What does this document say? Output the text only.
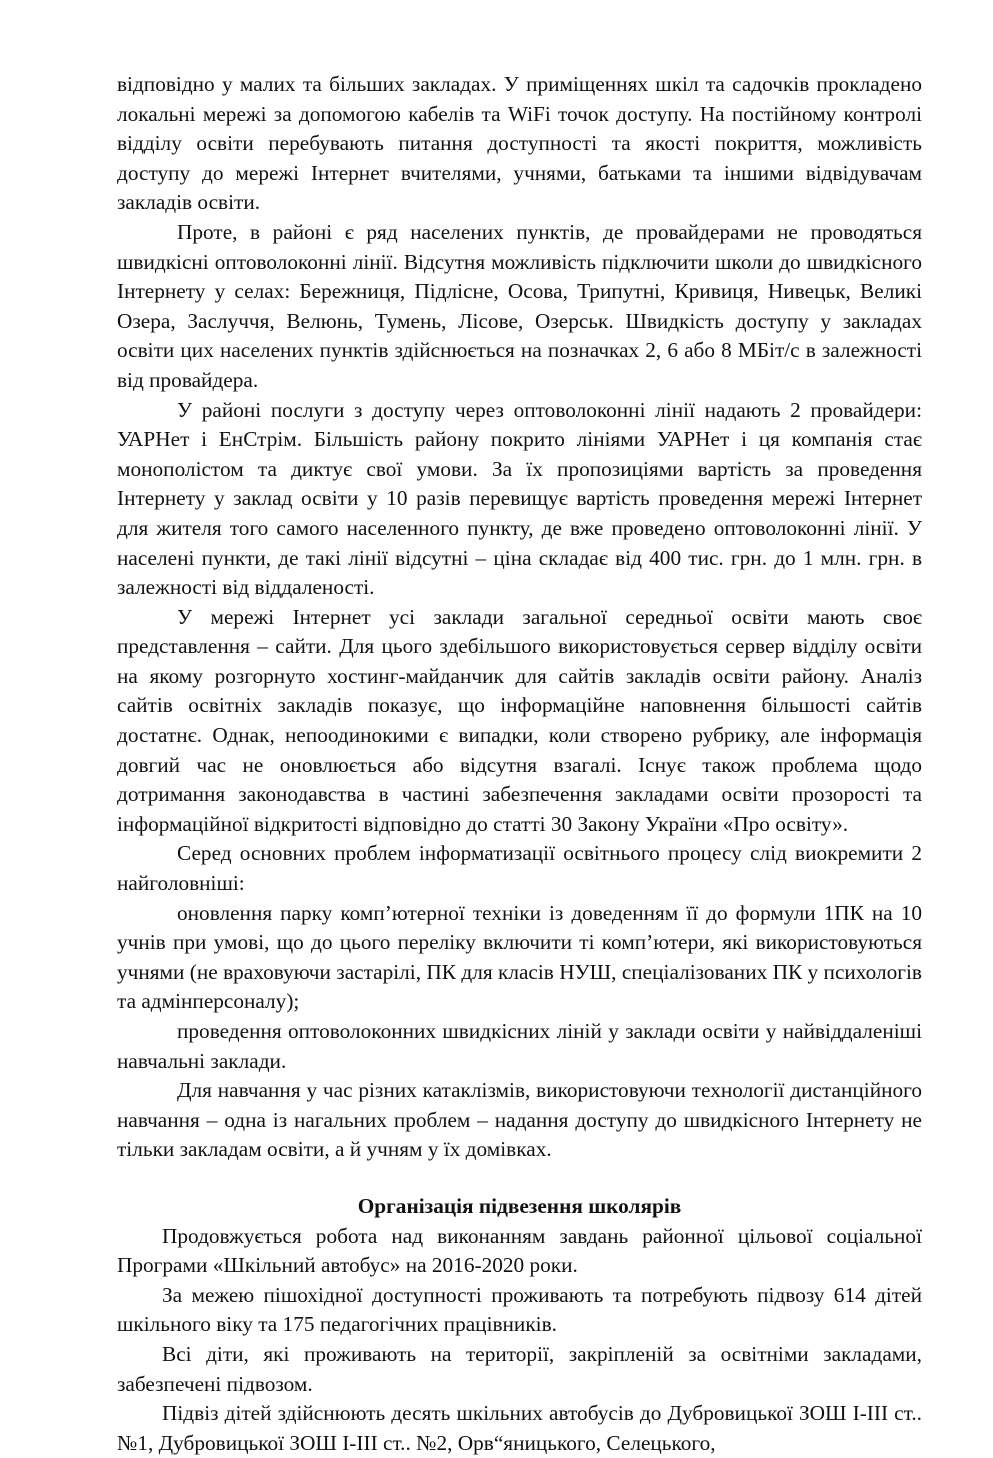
відповідно у малих та більших закладах. У приміщеннях шкіл та садочків прокладено локальні мережі за допомогою кабелів та WiFi точок доступу. На постійному контролі відділу освіти перебувають питання доступності та якості покриття, можливість доступу до мережі Інтернет вчителями, учнями, батьками та іншими відвідувачам закладів освіти.

Проте, в районі є ряд населених пунктів, де провайдерами не проводяться швидкісні оптоволоконні лінії. Відсутня можливість підключити школи до швидкісного Інтернету у селах: Бережниця, Підлісне, Осова, Трипутні, Кривиця, Нивецьк, Великі Озера, Заслуччя, Велюнь, Тумень, Лісове, Озерськ. Швидкість доступу у закладах освіти цих населених пунктів здійснюється на позначках 2, 6 або 8 МБіт/с в залежності від провайдера.

У районі послуги з доступу через оптоволоконні лінії надають 2 провайдери: УАРНет і ЕнСтрім. Більшість району покрито лініями УАРНет і ця компанія стає монополістом та диктує свої умови. За їх пропозиціями вартість за проведення Інтернету у заклад освіти у 10 разів перевищує вартість проведення мережі Інтернет для жителя того самого населенного пункту, де вже проведено оптоволоконні лінії. У населені пункти, де такі лінії відсутні – ціна складає від 400 тис. грн. до 1 млн. грн. в залежності від віддаленості.

У мережі Інтернет усі заклади загальної середньої освіти мають своє представлення – сайти. Для цього здебільшого використовується сервер відділу освіти на якому розгорнуто хостинг-майданчик для сайтів закладів освіти району. Аналіз сайтів освітніх закладів показує, що інформаційне наповнення більшості сайтів достатнє. Однак, непоодинокими є випадки, коли створено рубрику, але інформація довгий час не оновлюється або відсутня взагалі. Існує також проблема щодо дотримання законодавства в частині забезпечення закладами освіти прозорості та інформаційної відкритості відповідно до статті 30 Закону України «Про освіту».

Серед основних проблем інформатизації освітнього процесу слід виокремити 2 найголовніші:

оновлення парку комп’ютерної техніки із доведенням її до формули 1ПК на 10 учнів при умові, що до цього переліку включити ті комп’ютери, які використовуються учнями (не враховуючи застарілі, ПК для класів НУШ, спеціалізованих ПК у психологів та адмінперсоналу);

проведення оптоволоконних швидкісних ліній у заклади освіти у найвіддаленіші навчальні заклади.

Для навчання у час різних катаклізмів, використовуючи технології дистанційного навчання – одна із нагальних проблем – надання доступу до швидкісного Інтернету не тільки закладам освіти, а й учням у їх домівках.

Організація підвезення школярів

Продовжується робота над виконанням завдань районної цільової соціальної Програми «Шкільний автобус» на 2016-2020 роки.

За межею пішохідної доступності проживають та потребують підвозу 614 дітей шкільного віку та 175 педагогічних працівників.

Всі діти, які проживають на території, закріпленій за освітніми закладами, забезпечені підвозом.

Підвіз дітей здійснюють десять шкільних автобусів до Дубровицької ЗОШ І-ІІІ ст.. №1, Дубровицької ЗОШ І-ІІІ ст.. №2, Орв“яницького, Селецького,
